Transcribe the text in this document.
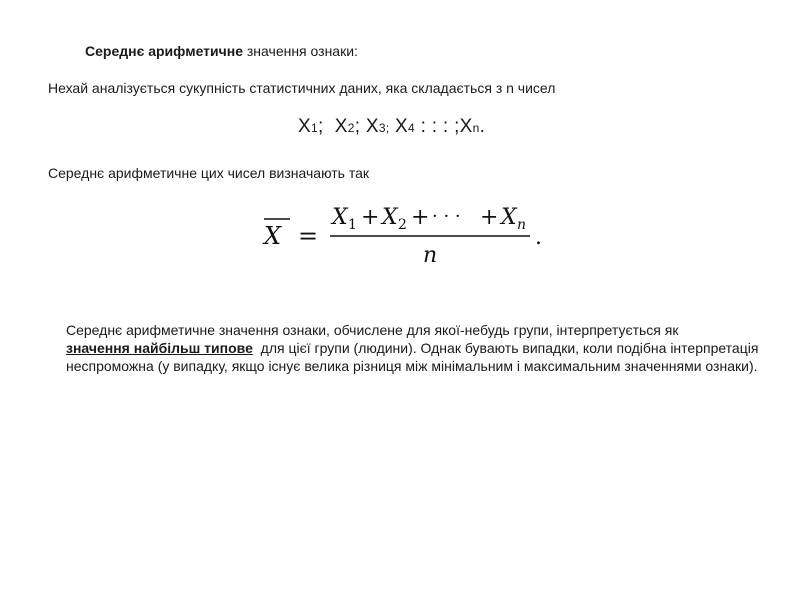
Середнє арифметичне значення ознаки:
Нехай аналізується сукупність статистичних даних, яка складається з n чисел
X1;  X2; X3; X4 : : : ;Xn.
Середнє арифметичне цих чисел визначають так
X =
X 1 + X 2 + · · · + X n
n
.
Середнє арифметичне значення ознаки, обчислене для якої-небудь групи, інтерпретується як
значення найбільш типове  для цієї групи (людини). Однак бувають випадки, коли подібна інтерпретація неспроможна (у випадку, якщо існує велика різниця між мінімальним і максимальним значеннями ознаки).
